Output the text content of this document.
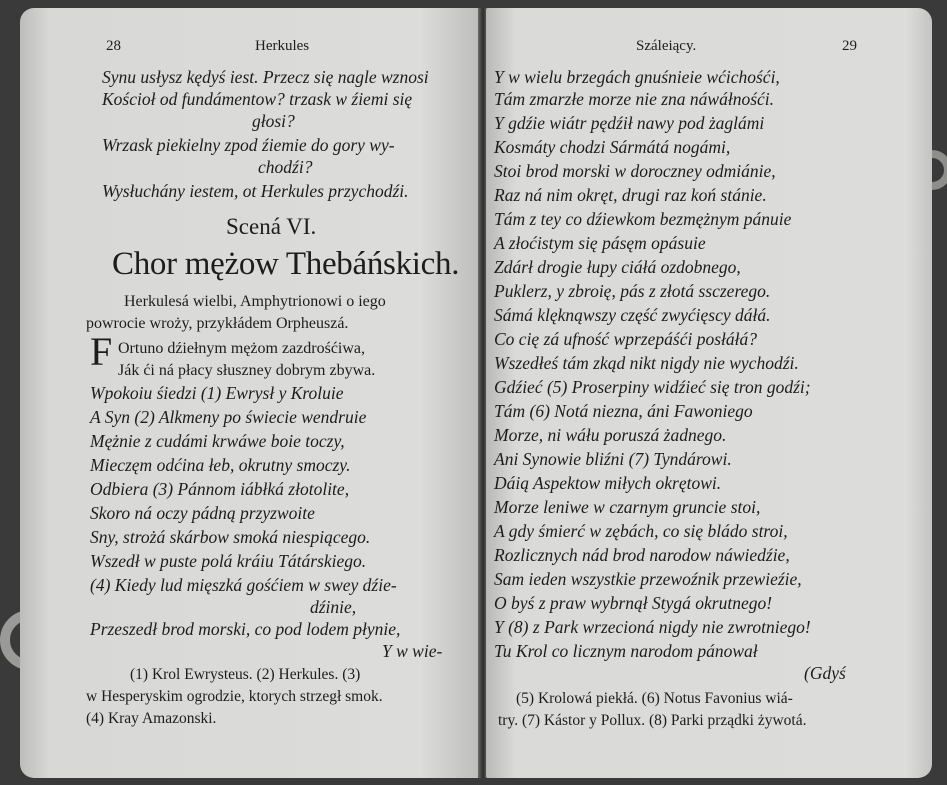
28	Herkules
Synu usłysz kędyś iest. Przecz się nagle wznosi
Kościoł od fundámentow? trzask w źiemi się
głosi?
Wrzask piekielny zpod źiemie do gory wy-
chodźi?
Wysłuchány iestem, ot Herkules przychodźi.
Scená VI.
Chor mężow Thebáńskich.
Herkulesá wielbi, Amphytrionowi o iego
powrocie wroży, przykłádem Orpheuszá.
F Ortuno dźiełnym mężom zazdrośćiwa,
Ják ći ná płacy słuszney dobrym zbywa.
Wpokoiu śiedzi (1) Ewrysł y Kroluie
A Syn (2) Alkmeny po świecie wendruie
Mężnie z cudámi krwáwe boie toczy,
Mieczęm odćina łeb, okrutny smoczy.
Odbiera (3) Pánnom iábłká złotolite,
Skoro ná oczy pádną przyzwoite
Sny, strożá skárbow smoká niespiącego.
Wszedł w puste polá kráiu Tátárskiego.
(4) Kiedy lud mięszká gośćiem w swey dźie-
dźinie,
Przeszedł brod morski, co pod lodem płynie,
Y w wie-
(1) Krol Ewrysteus. (2) Herkules. (3)
w Hesperyskim ogrodzie, ktorych strzegł smok.
(4) Kray Amazonski.
Száleiący.	29
Y w wielu brzegách gnuśnieie wćichośći,
Tám zmarzłe morze nie zna náwáłnośći.
Y gdźie wiátr pędźił nawy pod żaglámi
Kosmáty chodzi Sármátá nogámi,
Stoi brod morski w doroczney odmiánie,
Raz ná nim okręt, drugi raz koń stánie.
Tám z tey co dźiewkom bezmężnym pánuie
A złoćistym się pásęm opásuie
Zdárł drogie łupy ciáłá ozdobnego,
Puklerz, y zbroię, pás z złotá ssczerego.
Sámá klęknąwszy część zwyćięscy dáłá.
Co cię zá ufność wprzepáśći posłáłá?
Wszedłeś tám zkąd nikt nigdy nie wychodźi.
Gdźieć (5) Proserpiny widźieć się tron godźi;
Tám (6) Notá niezna, áni Fawoniego
Morze, ni wáłu poruszá żadnego.
Ani Synowie bliźni (7) Tyndárowi.
Dáią Aspektow miłych okrętowi.
Morze leniwe w czarnym gruncie stoi,
A gdy śmierć w zębách, co się bládo stroi,
Rozlicznych nád brod narodow náwiedźie,
Sam ieden wszystkie przewoźnik przewieźie,
O byś z praw wybrnął Stygá okrutnego!
Y (8) z Park wrzecioná nigdy nie zwrotniego!
Tu Krol co licznym narodom pánował
(Gdyś
(5) Krolowá piekłá. (6) Notus Favonius wiá-
try. (7) Kástor y Pollux. (8) Parki prządki żywotá.
